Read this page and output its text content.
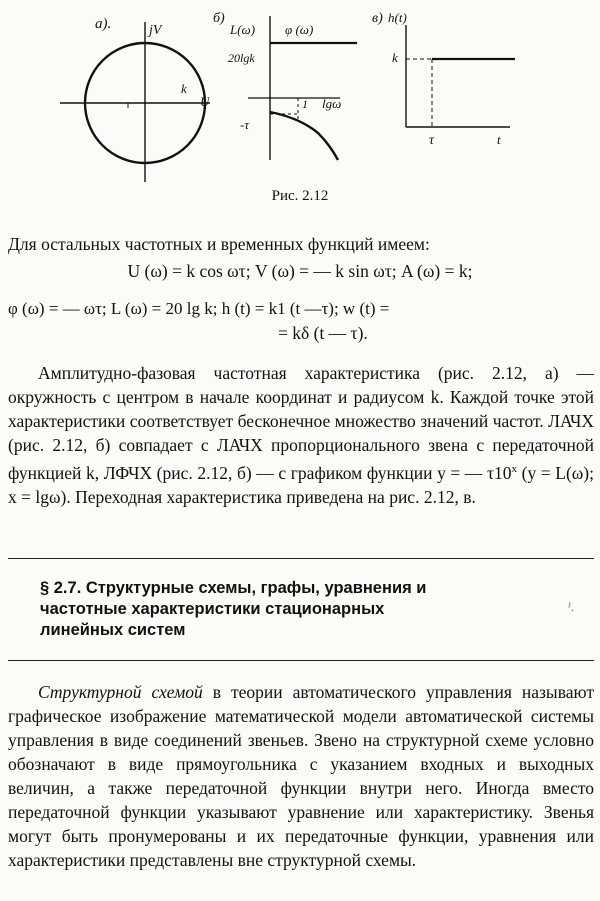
а).	jV
U
k
б)
L(ω) φ (ω)
20lgk
1 lgω
-τ
в) h(t)
k
τ	t
Рис. 2.12
Для остальных частотных и временных функций имеем:
U (ω) = k cos ωτ; V (ω) = — k sin ωτ; A (ω) = k;
φ (ω) = — ωτ; L (ω) = 20 lg k; h (t) = k1 (t —τ); w (t) =
= kδ (t — τ).
Амплитудно-фазовая частотная характеристика (рис. 2.12, а) — окружность с центром в начале координат и радиусом k. Каждой точке этой характеристики соответствует бесконечное множество значений частот. ЛАЧХ (рис. 2.12, б) совпадает с ЛАЧХ пропорционального звена с передаточной функцией k, ЛФЧХ (рис. 2.12, б) — с графиком функции y = — τ10$^x$ (y = L(ω); x = lgω). Переходная характеристика приведена на рис. 2.12, в.
§ 2.7. Структурные схемы, графы, уравнения и частотные характеристики стационарных линейных систем
ᴶ.
Структурной схемой в теории автоматического управления называют графическое изображение математической модели автоматической системы управления в виде соединений звеньев. Звено на структурной схеме условно обозначают в виде прямоугольника с указанием входных и выходных величин, а также передаточной функции внутри него. Иногда вместо передаточной функции указывают уравнение или характеристику. Звенья могут быть пронумерованы и их передаточные функции, уравнения или характеристики представлены вне структурной схемы.
